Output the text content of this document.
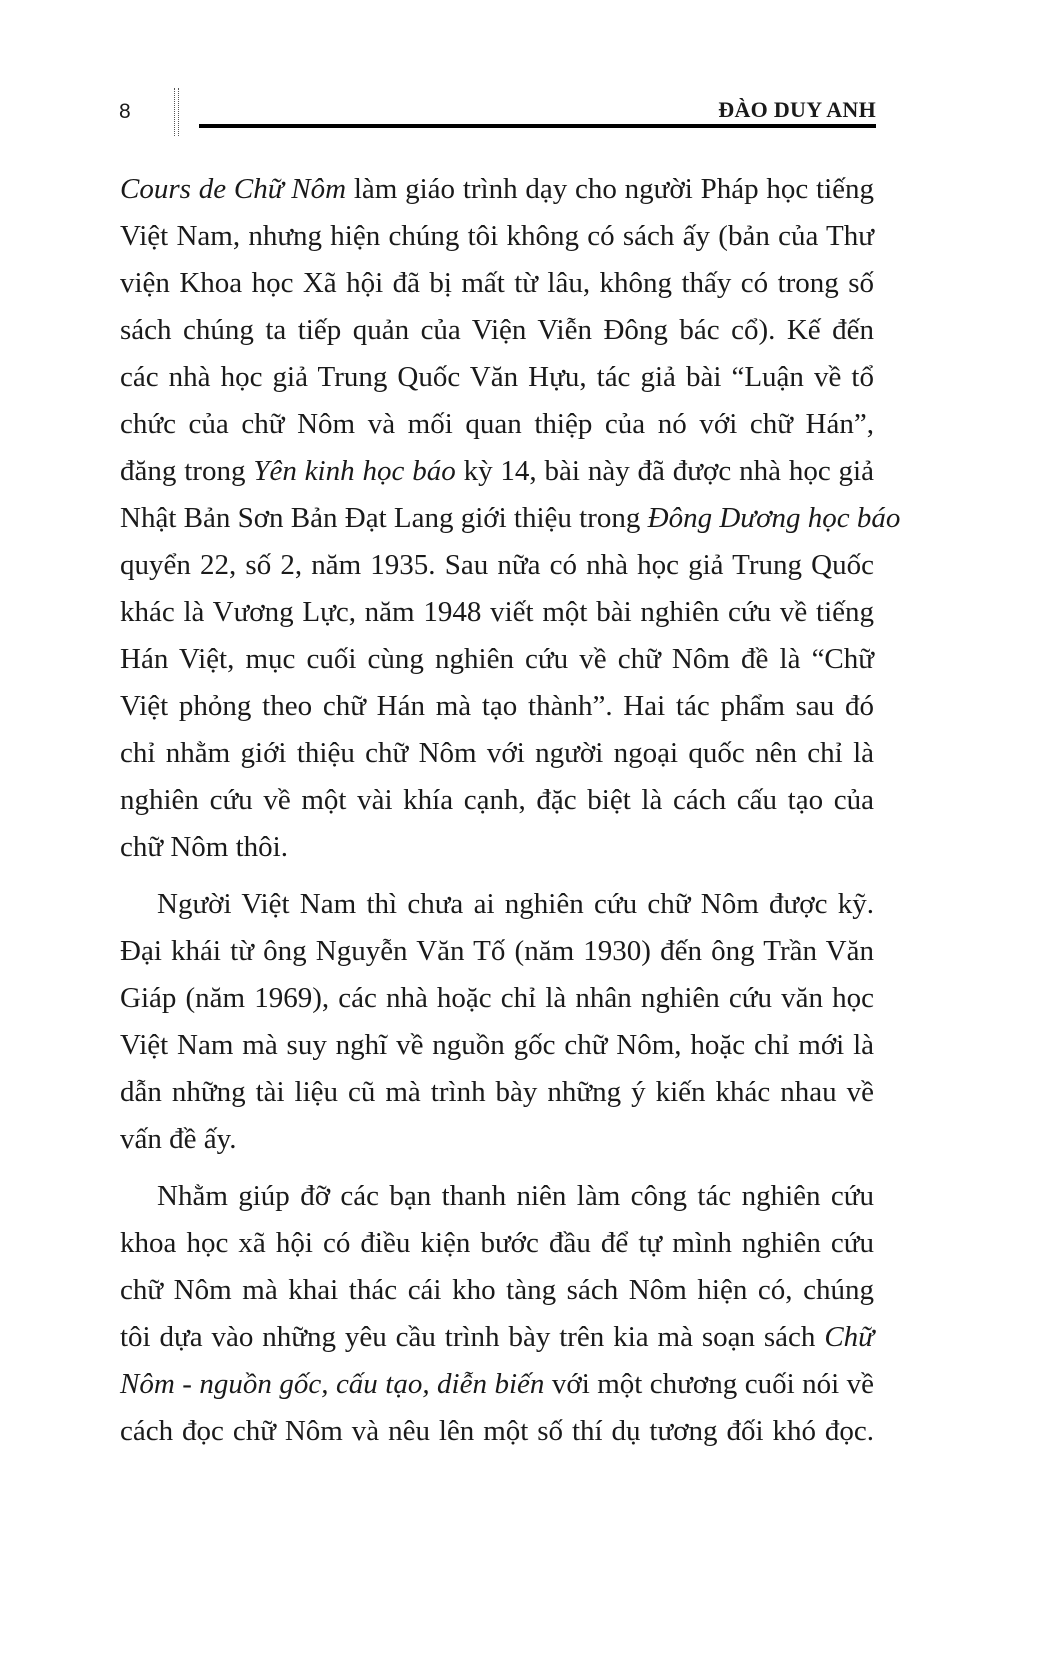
8	ĐÀO DUY ANH
Cours de Chữ Nôm làm giáo trình dạy cho người Pháp học tiếng
Việt Nam, nhưng hiện chúng tôi không có sách ấy (bản của Thư
viện Khoa học Xã hội đã bị mất từ lâu, không thấy có trong số
sách chúng ta tiếp quản của Viện Viễn Đông bác cổ). Kế đến
các nhà học giả Trung Quốc Văn Hựu, tác giả bài “Luận về tổ
chức của chữ Nôm và mối quan thiệp của nó với chữ Hán”,
đăng trong Yên kinh học báo kỳ 14, bài này đã được nhà học giả
Nhật Bản Sơn Bản Đạt Lang giới thiệu trong Đông Dương học báo
quyển 22, số 2, năm 1935. Sau nữa có nhà học giả Trung Quốc
khác là Vương Lực, năm 1948 viết một bài nghiên cứu về tiếng
Hán Việt, mục cuối cùng nghiên cứu về chữ Nôm đề là “Chữ
Việt phỏng theo chữ Hán mà tạo thành”. Hai tác phẩm sau đó
chỉ nhằm giới thiệu chữ Nôm với người ngoại quốc nên chỉ là
nghiên cứu về một vài khía cạnh, đặc biệt là cách cấu tạo của
chữ Nôm thôi.
Người Việt Nam thì chưa ai nghiên cứu chữ Nôm được kỹ.
Đại khái từ ông Nguyễn Văn Tố (năm 1930) đến ông Trần Văn
Giáp (năm 1969), các nhà hoặc chỉ là nhân nghiên cứu văn học
Việt Nam mà suy nghĩ về nguồn gốc chữ Nôm, hoặc chỉ mới là
dẫn những tài liệu cũ mà trình bày những ý kiến khác nhau về
vấn đề ấy.
Nhằm giúp đỡ các bạn thanh niên làm công tác nghiên cứu
khoa học xã hội có điều kiện bước đầu để tự mình nghiên cứu
chữ Nôm mà khai thác cái kho tàng sách Nôm hiện có, chúng
tôi dựa vào những yêu cầu trình bày trên kia mà soạn sách Chữ
Nôm - nguồn gốc, cấu tạo, diễn biến với một chương cuối nói về
cách đọc chữ Nôm và nêu lên một số thí dụ tương đối khó đọc.
